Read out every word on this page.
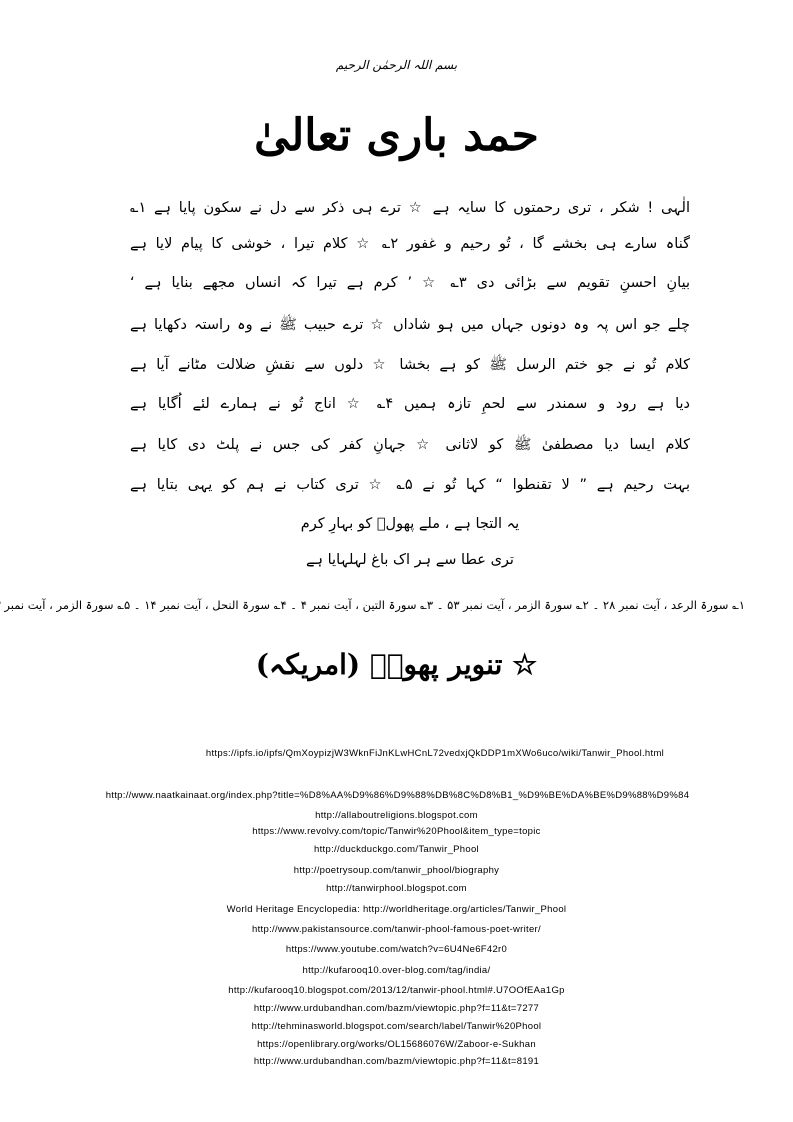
بسم اللہ الرحمٰن الرحیم
حمد باری تعالیٰ
الٰہی ! شکر ، تری رحمتوں کا سایہ ہے ☆ ترے ہی ذکر سے دل نے سکون پایا ہے ۱؎
گناہ سارے ہی بخشے گا ، تُو رحیم و غفور ۲؎ ☆ کلام تیرا ، خوشی کا پیام لایا ہے
بیانِ احسنِ تقویم سے بڑائی دی ۳؎ ☆ ’ کرم ہے تیرا کہ انساں مجھے بنایا ہے ‘
چلے جو اس پہ وہ دونوں جہاں میں ہو شاداں ☆ ترے حبیب ﷺ نے وہ راستہ دکھایا ہے
کلام تُو نے جو ختم الرسل ﷺ کو ہے بخشا ☆ دلوں سے نقشِ ضلالت مٹانے آیا ہے
دیا ہے رود و سمندر سے لحمِ تازہ ہمیں ۴؎ ☆ اناج تُو نے ہمارے لئے اُگایا ہے
کلام ایسا دیا مصطفیٰ ﷺ کو لاثانی ☆ جہانِ کفر کی جس نے پلٹ دی کایا ہے
بہت رحیم ہے ” لا تقنطوا “ کہا تُو نے ۵؎ ☆ تری کتاب نے ہم کو یہی بتایا ہے
یہ التجا ہے ، ملے پھولؔ کو بہارِ کرم
تری عطا سے ہر اک باغ لہلہایا ہے
۱؎ سورۃ الرعد ، آیت نمبر ۲۸ ۔ ۲؎ سورۃ الزمر ، آیت نمبر ۵۳ ۔ ۳؎ سورۃ التین ، آیت نمبر ۴ ۔ ۴؎ سورۃ النحل ، آیت نمبر ۱۴ ۔ ۵؎ سورۃ الزمر ، آیت نمبر
☆ تنویر پھولؔ (امریکہ)
https://ipfs.io/ipfs/QmXoypizjW3WknFiJnKLwHCnL72vedxjQkDDP1mXWo6uco/wiki/Tanwir_Phool.html
http://www.naatkainaat.org/index.php?title=%D8%AA%D9%86%D9%88%DB%8C%D8%B1_%D9%BE%DA%BE%D9%88%D9%84
http://allaboutreligions.blogspot.com
https://www.revolvy.com/topic/Tanwir%20Phool&item_type=topic
http://duckduckgo.com/Tanwir_Phool
http://poetrysoup.com/tanwir_phool/biography
http://tanwirphool.blogspot.com
World Heritage Encyclopedia: http://worldheritage.org/articles/Tanwir_Phool
http://www.pakistansource.com/tanwir-phool-famous-poet-writer/
https://www.youtube.com/watch?v=6U4Ne6F42r0
http://kufarooq10.over-blog.com/tag/india/
http://kufarooq10.blogspot.com/2013/12/tanwir-phool.html#.U7OOfEAa1Gp
http://www.urdubandhan.com/bazm/viewtopic.php?f=11&t=7277
http://tehminasworld.blogspot.com/search/label/Tanwir%20Phool
https://openlibrary.org/works/OL15686076W/Zaboor-e-Sukhan
http://www.urdubandhan.com/bazm/viewtopic.php?f=11&t=8191
